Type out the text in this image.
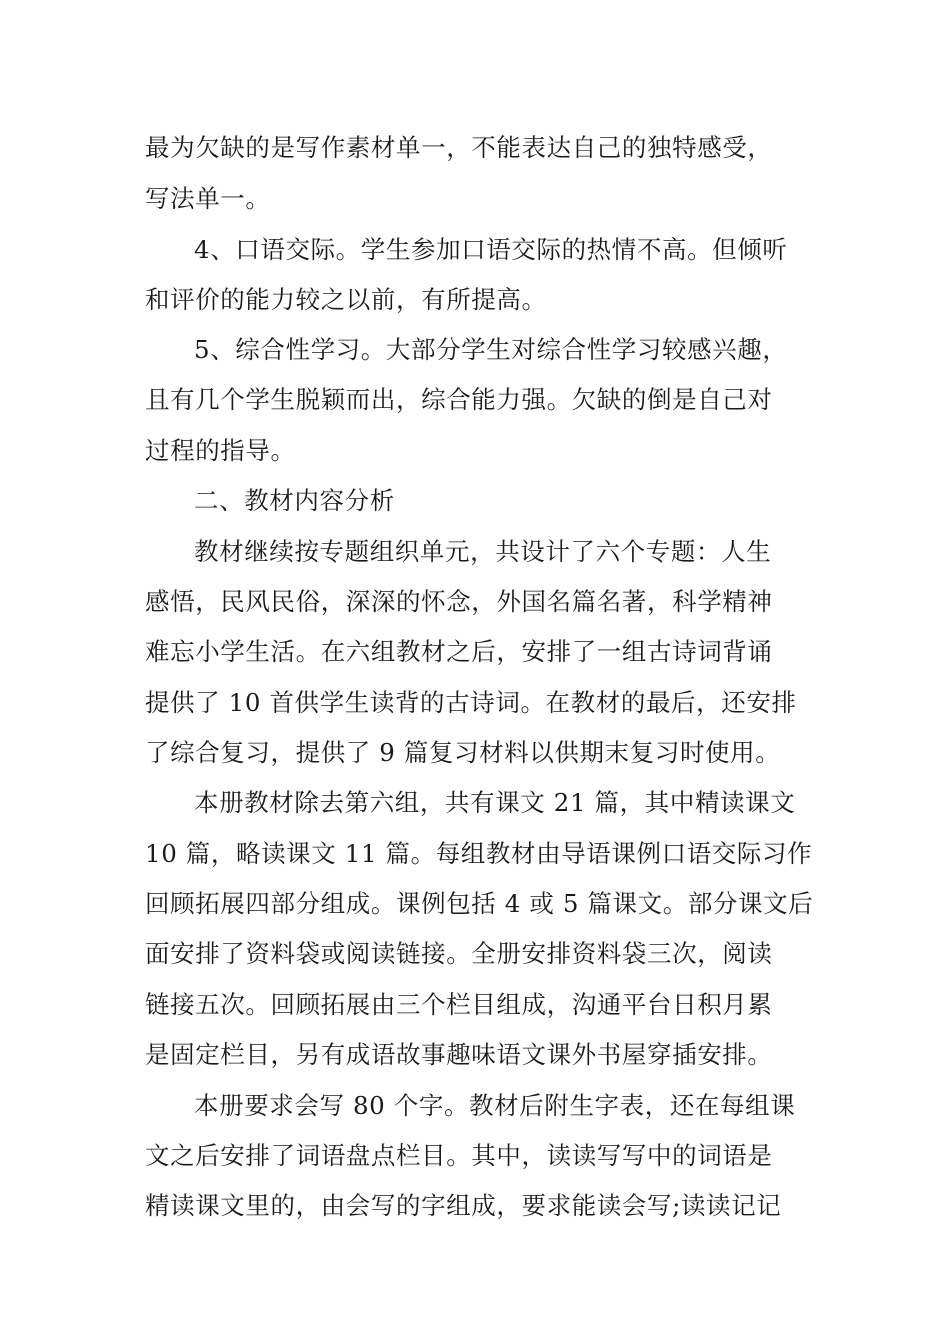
最为欠缺的是写作素材单一，不能表达自己的独特感受，
写法单一。
4、口语交际。学生参加口语交际的热情不高。但倾听
和评价的能力较之以前，有所提高。
5、综合性学习。大部分学生对综合性学习较感兴趣，
且有几个学生脱颖而出，综合能力强。欠缺的倒是自己对
过程的指导。
二、教材内容分析
教材继续按专题组织单元，共设计了六个专题：人生
感悟，民风民俗，深深的怀念，外国名篇名著，科学精神
难忘小学生活。在六组教材之后，安排了一组古诗词背诵
提供了 10 首供学生读背的古诗词。在教材的最后，还安排
了综合复习，提供了 9 篇复习材料以供期末复习时使用。
本册教材除去第六组，共有课文 21 篇，其中精读课文
10 篇，略读课文 11 篇。每组教材由导语课例口语交际习作
回顾拓展四部分组成。课例包括 4 或 5 篇课文。部分课文后
面安排了资料袋或阅读链接。全册安排资料袋三次，阅读
链接五次。回顾拓展由三个栏目组成，沟通平台日积月累
是固定栏目，另有成语故事趣味语文课外书屋穿插安排。
本册要求会写 80 个字。教材后附生字表，还在每组课
文之后安排了词语盘点栏目。其中，读读写写中的词语是
精读课文里的，由会写的字组成，要求能读会写;读读记记
